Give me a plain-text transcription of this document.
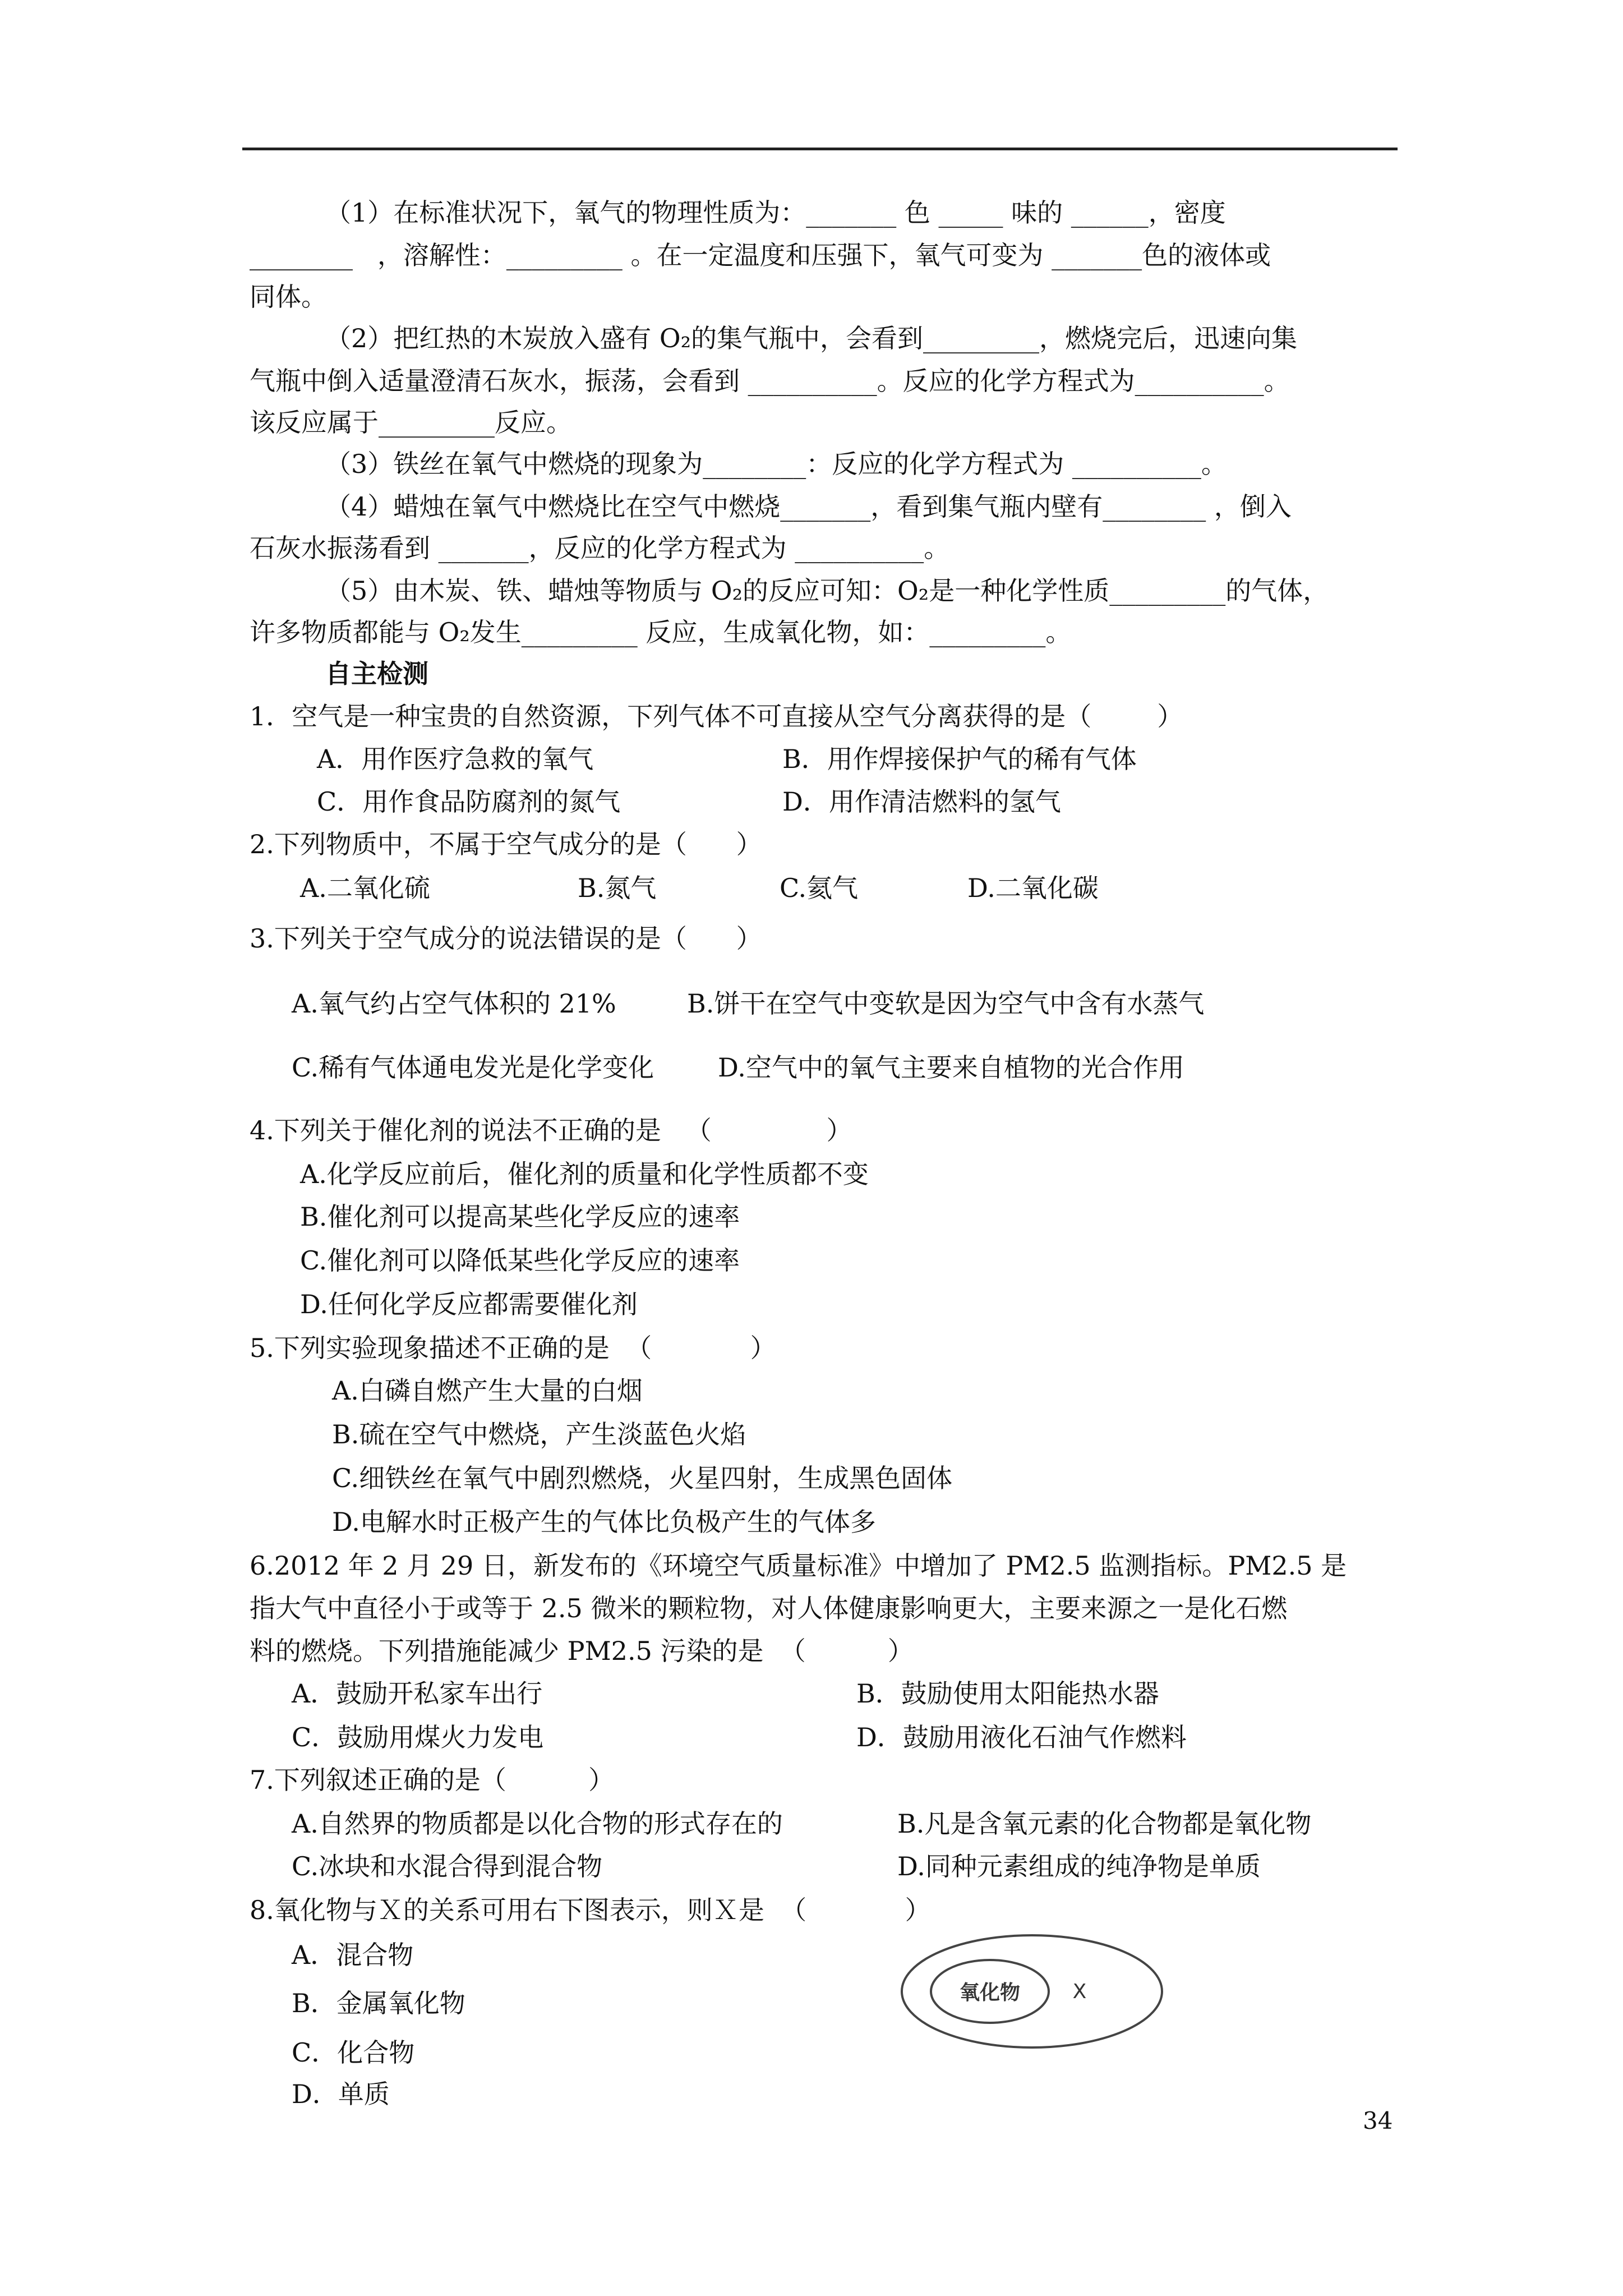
（1）在标准状况下，氧气的物理性质为：_______ 色 _____ 味的 ______，密度
________   ，溶解性：_________ 。在一定温度和压强下，氧气可变为 _______色的液体或
同体。
（2）把红热的木炭放入盛有 O₂的集气瓶中，会看到_________，燃烧完后，迅速向集
气瓶中倒入适量澄清石灰水，振荡，会看到 __________。反应的化学方程式为__________。
该反应属于_________反应。
（3）铁丝在氧气中燃烧的现象为________：反应的化学方程式为 __________。
（4）蜡烛在氧气中燃烧比在空气中燃烧_______，看到集气瓶内壁有________ ，倒入
石灰水振荡看到 _______，反应的化学方程式为 __________。
（5）由木炭、铁、蜡烛等物质与 O₂的反应可知：O₂是一种化学性质_________的气体，
许多物质都能与 O₂发生_________ 反应，生成氧化物，如：_________。
自主检测
1．空气是一种宝贵的自然资源，下列气体不可直接从空气分离获得的是（        ）
A．用作医疗急救的氧气	B．用作焊接保护气的稀有气体
C．用作食品防腐剂的氮气	D．用作清洁燃料的氢气
2.下列物质中，不属于空气成分的是（      ）
A.二氧化硫	B.氮气	C.氦气	D.二氧化碳
3.下列关于空气成分的说法错误的是（      ）
A.氧气约占空气体积的 21%	B.饼干在空气中变软是因为空气中含有水蒸气
C.稀有气体通电发光是化学变化 D.空气中的氧气主要来自植物的光合作用
4.下列关于催化剂的说法不正确的是   （              ）
A.化学反应前后，催化剂的质量和化学性质都不变
B.催化剂可以提高某些化学反应的速率
C.催化剂可以降低某些化学反应的速率
D.任何化学反应都需要催化剂
5.下列实验现象描述不正确的是  （            ）
A.白磷自燃产生大量的白烟
B.硫在空气中燃烧，产生淡蓝色火焰
C.细铁丝在氧气中剧烈燃烧，火星四射，生成黑色固体
D.电解水时正极产生的气体比负极产生的气体多
6.2012 年 2 月 29 日，新发布的《环境空气质量标准》中增加了 PM2.5 监测指标。PM2.5 是
指大气中直径小于或等于 2.5 微米的颗粒物，对人体健康影响更大，主要来源之一是化石燃
料的燃烧。下列措施能减少 PM2.5 污染的是  （          ）
A．鼓励开私家车出行	B．鼓励使用太阳能热水器
C．鼓励用煤火力发电	D．鼓励用液化石油气作燃料
7.下列叙述正确的是（          ）
A.自然界的物质都是以化合物的形式存在的	B.凡是含氧元素的化合物都是氧化物
C.冰块和水混合得到混合物	D.同种元素组成的纯净物是单质
8.氧化物与Ｘ的关系可用右下图表示，则Ｘ是  （            ）
A．混合物
B．金属氧化物
C．化合物
D．单质
氧化物	X
34
